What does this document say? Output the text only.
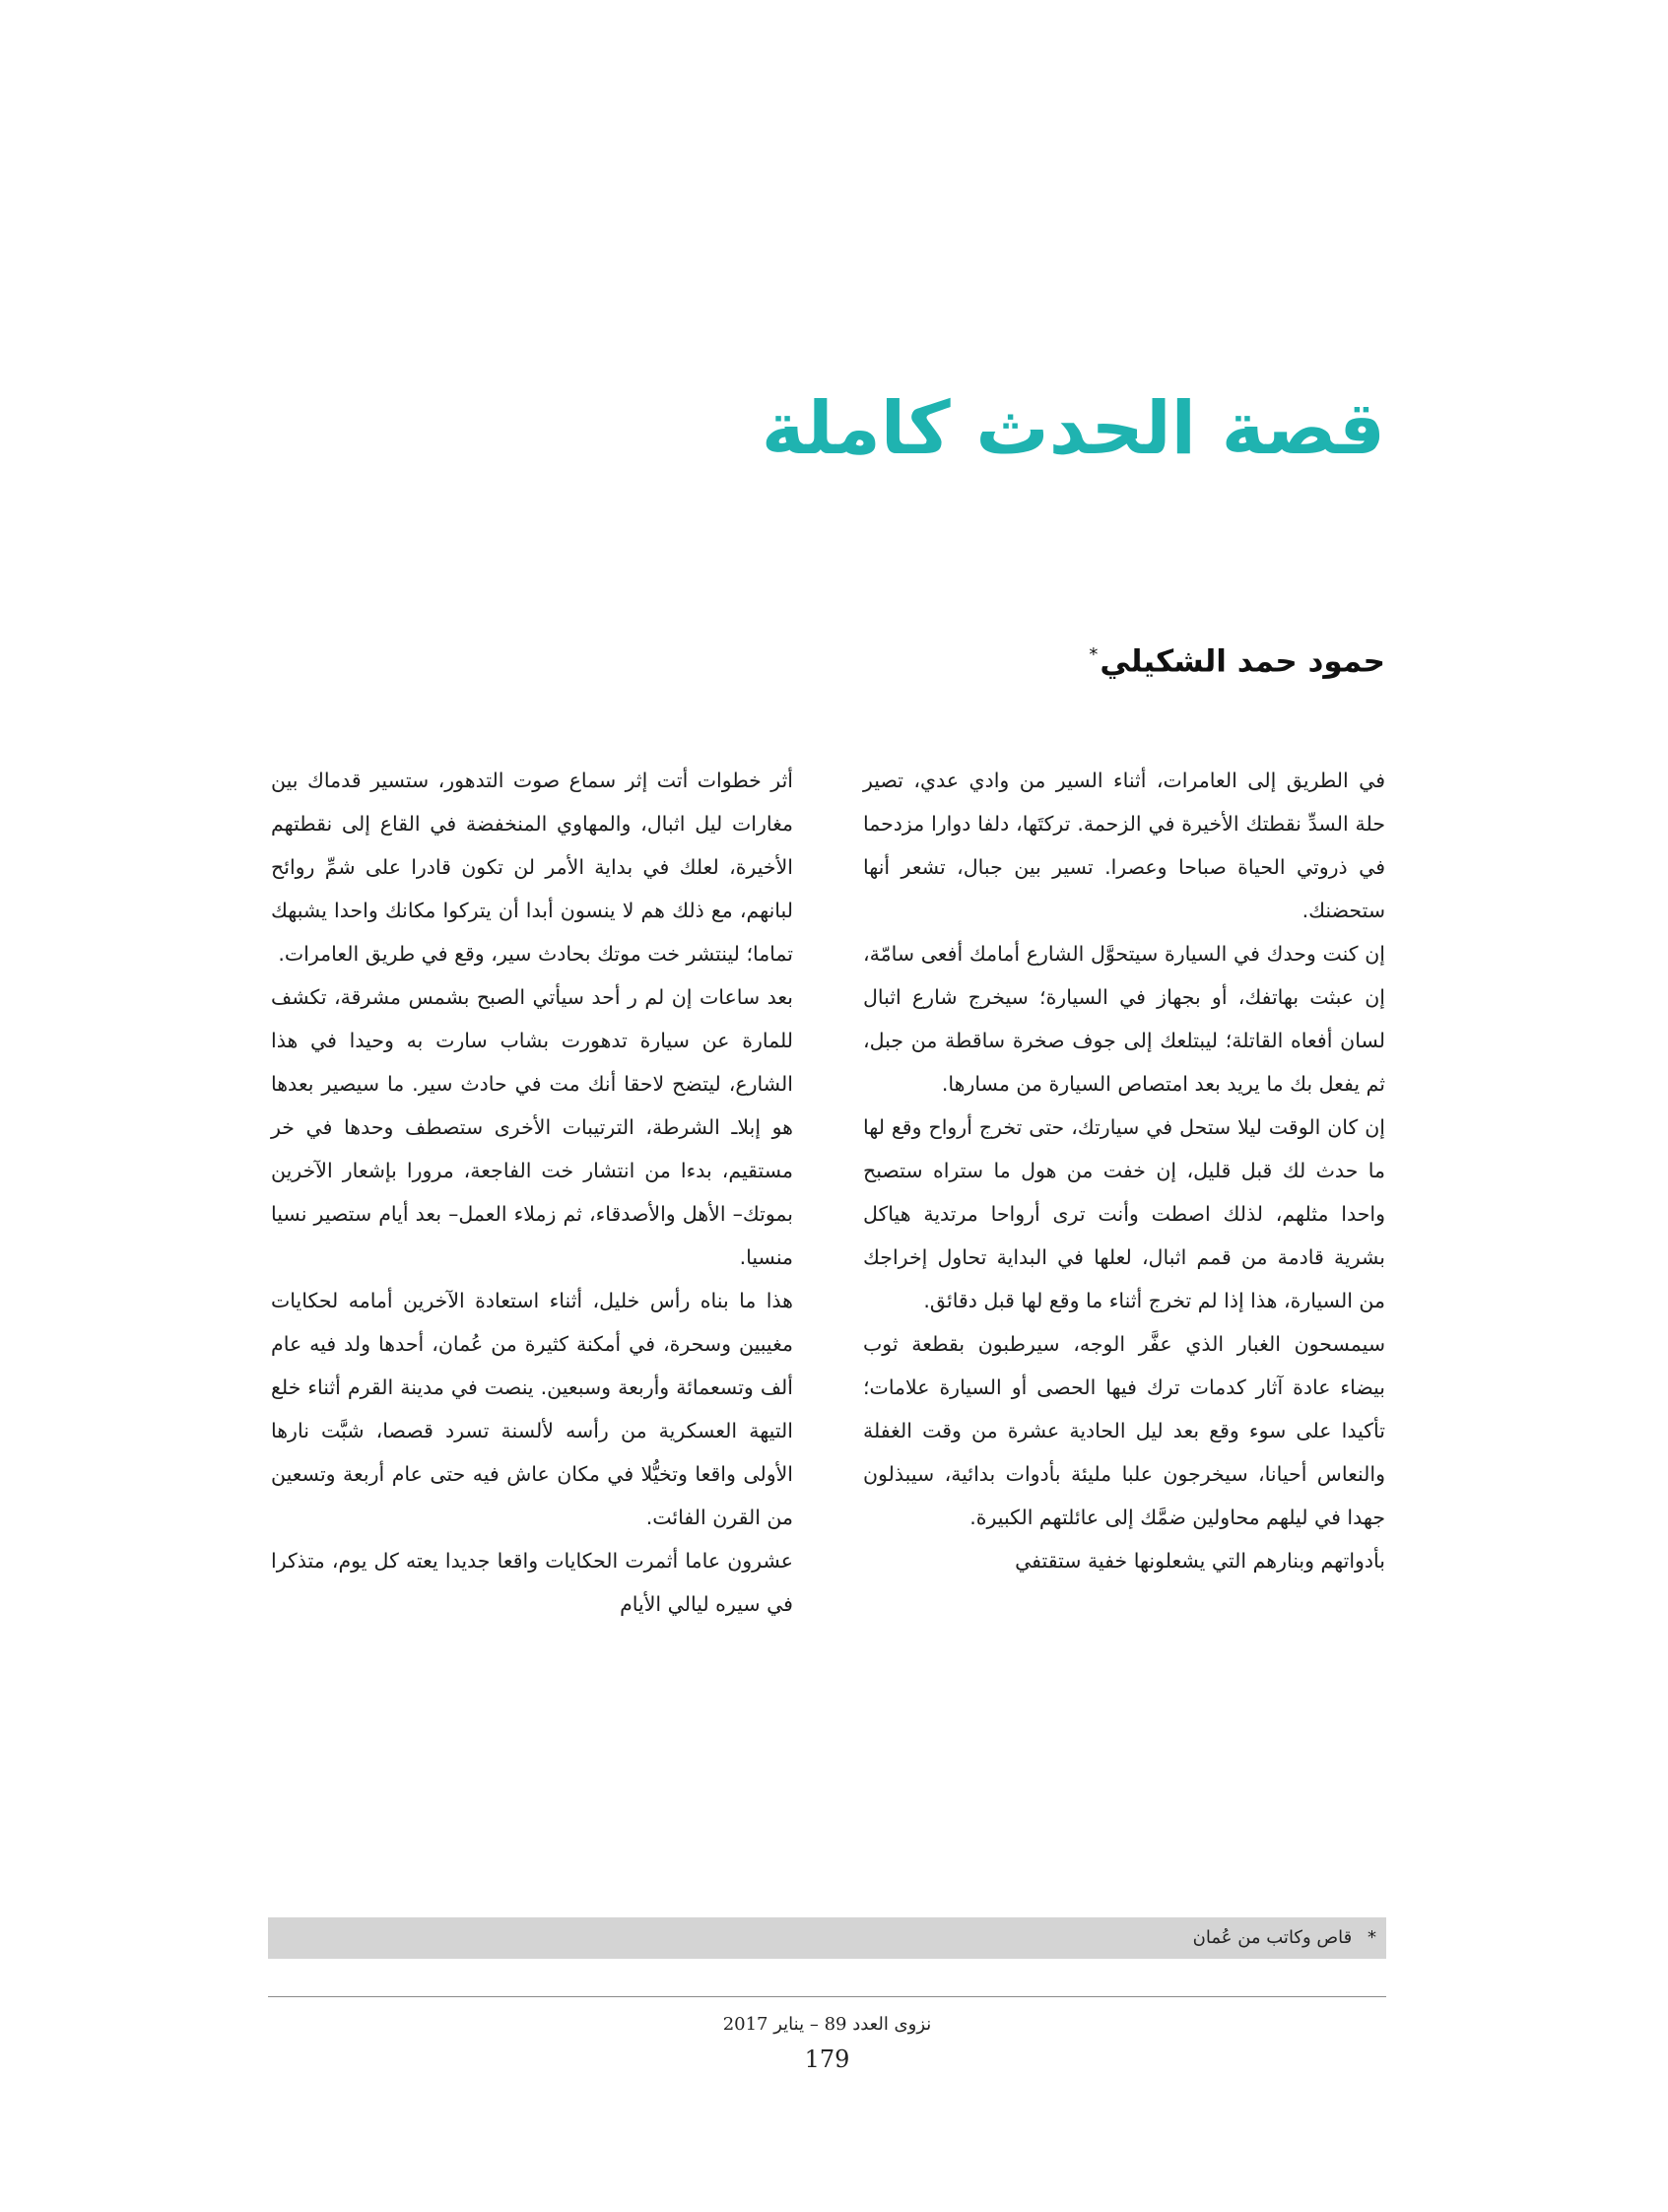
قصة الحدث كاملة
حمود حمد الشكيلي*

في الطريق إلى العامرات، أثناء السير من وادي عدي، تصير حلة السدِّ نقطتك الأخيرة في الزحمة. تركتَها، دلفا دوارا مزدحما في ذروتي الحياة صباحا وعصرا. تسير بين جبال، تشعر أنها ستحضنك.

إن كنت وحدك في السيارة سيتحوَّل الشارع أمامك أفعى سامّة، إن عبثت بهاتفك، أو بجهاز في السيارة؛ سيخرج شارع اثبال لسان أفعاه القاتلة؛ ليبتلعك إلى جوف صخرة ساقطة من جبل، ثم يفعل بك ما يريد بعد امتصاص السيارة من مسارها.

إن كان الوقت ليلا ستحل في سيارتك، حتى تخرج أرواح وقع لها ما حدث لك قبل قليل، إن خفت من هول ما ستراه ستصبح واحدا مثلهم، لذلك اصطت وأنت ترى أرواحا مرتدية هياكل بشرية قادمة من قمم اثبال، لعلها في البداية تحاول إخراجك من السيارة، هذا إذا لم تخرج أثناء ما وقع لها قبل دقائق.

سيمسحون الغبار الذي عفَّر الوجه، سيرطبون بقطعة ثوب بيضاء عادة آثار كدمات ترك فيها الحصى أو السيارة علامات؛ تأكيدا على سوء وقع بعد ليل الحادية عشرة من وقت الغفلة والنعاس أحيانا، سيخرجون علبا مليئة بأدوات بدائية، سيبذلون جهدا في ليلهم محاولين ضمَّك إلى عائلتهم الكبيرة.

بأدواتهم وبنارهم التي يشعلونها خفية ستقتفي

أثر خطوات أتت إثر سماع صوت التدهور، ستسير قدماك بين مغارات ليل اثبال، والمهاوي المنخفضة في القاع إلى نقطتهم الأخيرة، لعلك في بداية الأمر لن تكون قادرا على شمِّ روائح لبانهم، مع ذلك هم لا ينسون أبدا أن يتركوا مكانك واحدا يشبهك تماما؛ لينتشر خت موتك بحادث سير، وقع في طريق العامرات.

بعد ساعات إن لم ر أحد سيأتي الصبح بشمس مشرقة، تكشف للمارة عن سيارة تدهورت بشاب سارت به وحيدا في هذا الشارع، ليتضح لاحقا أنك مت في حادث سير. ما سيصير بعدها هو إبلاـ الشرطة، الترتيبات الأخرى ستصطف وحدها في خر مستقيم، بدءا من انتشار خت الفاجعة، مرورا بإشعار الآخرين بموتك– الأهل والأصدقاء، ثم زملاء العمل– بعد أيام ستصير نسيا منسيا.

هذا ما بناه رأس خليل، أثناء استعادة الآخرين أمامه لحكايات مغيبين وسحرة، في أمكنة كثيرة من عُمان، أحدها ولد فيه عام ألف وتسعمائة وأربعة وسبعين. ينصت في مدينة القرم أثناء خلع التيهة العسكرية من رأسه لألسنة تسرد قصصا، شبَّت نارها الأولى واقعا وتخيُّلا في مكان عاش فيه حتى عام أربعة وتسعين من القرن الفائت.

عشرون عاما أثمرت الحكايات واقعا جديدا يعته كل يوم، متذكرا في سيره ليالي الأيام

* قاص وكاتب من عُمان
نزوى العدد 89 – يناير 2017
179
